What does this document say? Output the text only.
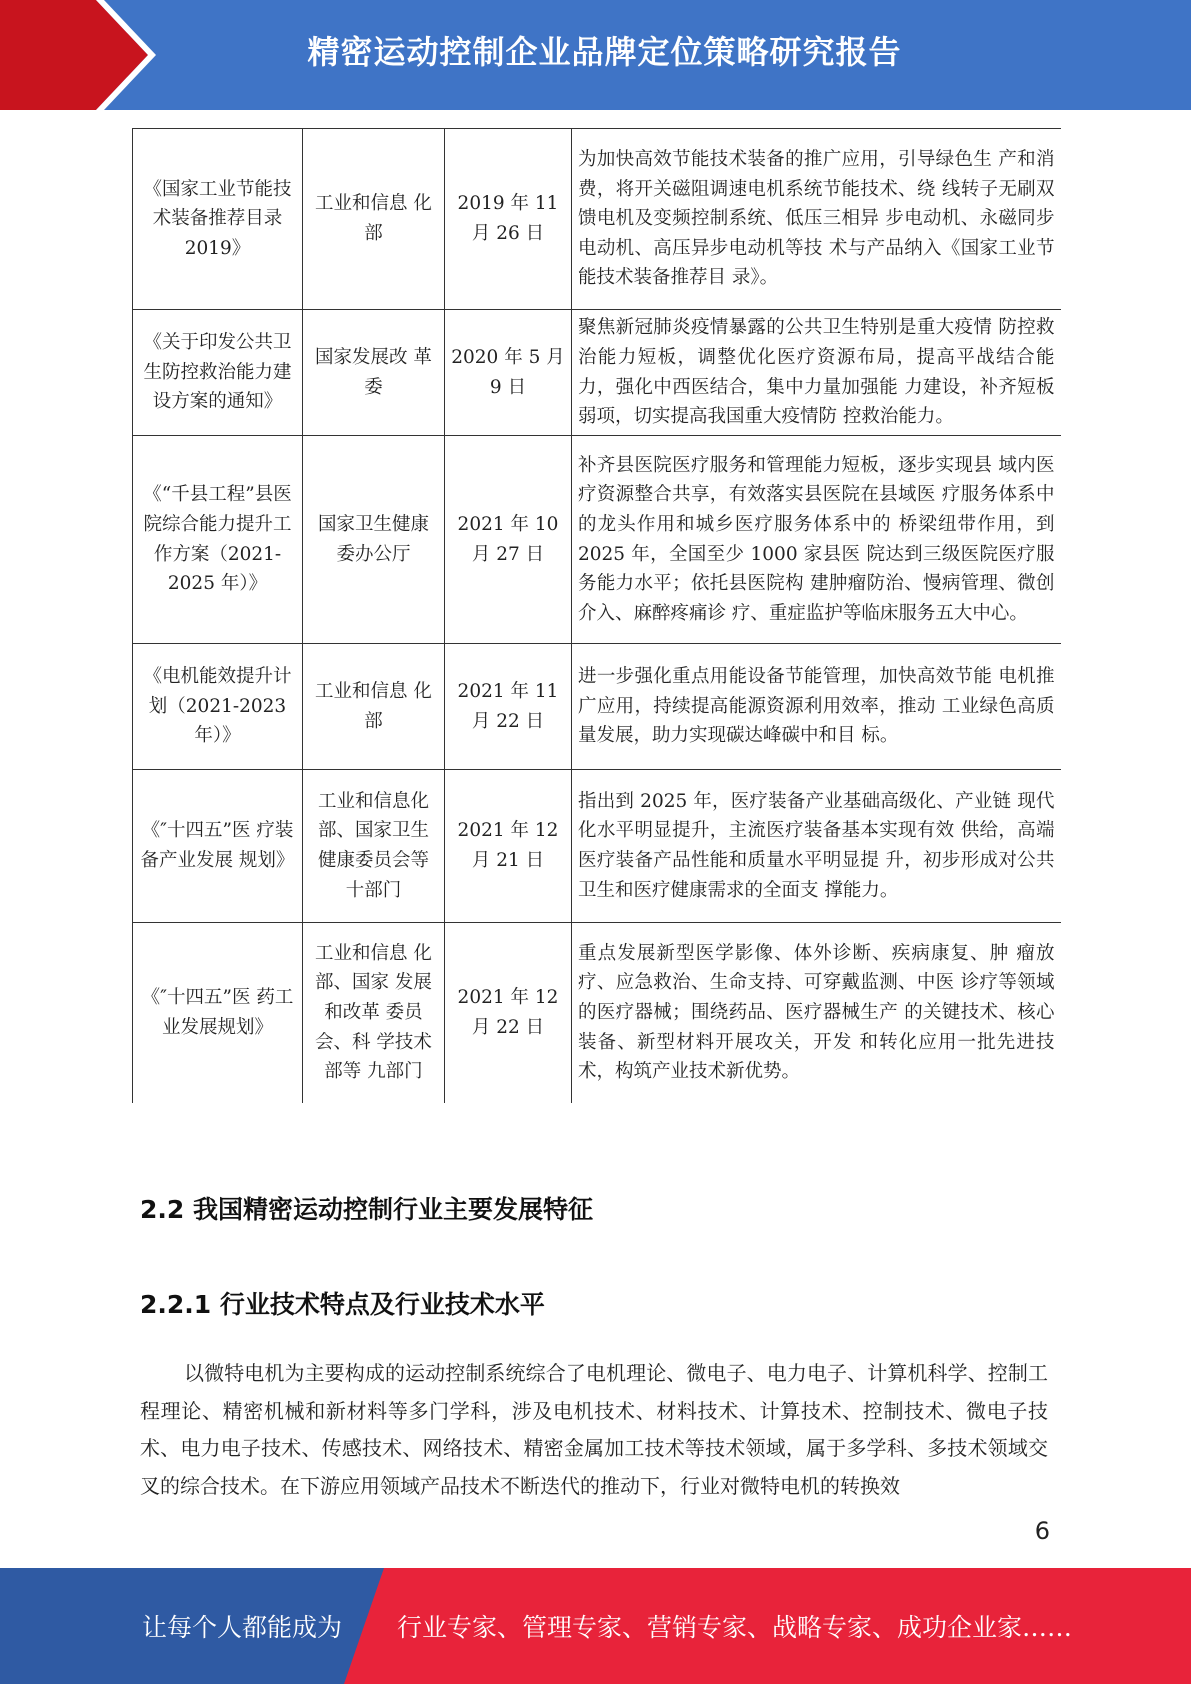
精密运动控制企业品牌定位策略研究报告
《国家工业节能技术装备推荐目录 2019》	工业和信息 化部	2019 年 11 月 26 日	为加快高效节能技术装备的推广应用，引导绿色生 产和消费，将开关磁阻调速电机系统节能技术、绕 线转子无刷双馈电机及变频控制系统、低压三相异 步电动机、永磁同步电动机、高压异步电动机等技 术与产品纳入《国家工业节能技术装备推荐目 录》。
《关于印发公共卫生防控救治能力建设方案的通知》	国家发展改 革委	2020 年 5 月 9 日	聚焦新冠肺炎疫情暴露的公共卫生特别是重大疫情 防控救治能力短板，调整优化医疗资源布局，提高平战结合能力，强化中西医结合，集中力量加强能 力建设，补齐短板弱项，切实提高我国重大疫情防 控救治能力。
《“千县工程”县医院综合能力提升工作方案（2021-2025 年）》	国家卫生健康委办公厅	2021 年 10 月 27 日	补齐县医院医疗服务和管理能力短板，逐步实现县 域内医疗资源整合共享，有效落实县医院在县域医 疗服务体系中的龙头作用和城乡医疗服务体系中的 桥梁纽带作用，到 2025 年，全国至少 1000 家县医 院达到三级医院医疗服务能力水平；依托县医院构 建肿瘤防治、慢病管理、微创介入、麻醉疼痛诊 疗、重症监护等临床服务五大中心。
《电机能效提升计划（2021-2023 年）》	工业和信息 化部	2021 年 11 月 22 日	进一步强化重点用能设备节能管理，加快高效节能 电机推广应用，持续提高能源资源利用效率，推动 工业绿色高质量发展，助力实现碳达峰碳中和目 标。
《″十四五”医 疗装备产业发展 规划》	工业和信息化部、国家卫生健康委员会等十部门	2021 年 12 月 21 日	指出到 2025 年，医疗装备产业基础高级化、产业链 现代化水平明显提升，主流医疗装备基本实现有效 供给，高端医疗装备产品性能和质量水平明显提 升，初步形成对公共卫生和医疗健康需求的全面支 撑能力。
《″十四五”医 药工业发展规划》	工业和信息 化部、国家 发展和改革 委员会、科 学技术部等 九部门	2021 年 12 月 22 日	重点发展新型医学影像、体外诊断、疾病康复、肿 瘤放疗、应急救治、生命支持、可穿戴监测、中医 诊疗等领域的医疗器械；围绕药品、医疗器械生产 的关键技术、核心装备、新型材料开展攻关，开发 和转化应用一批先进技术，构筑产业技术新优势。
2.2 我国精密运动控制行业主要发展特征
2.2.1 行业技术特点及行业技术水平

以微特电机为主要构成的运动控制系统综合了电机理论、微电子、电力电子、计算机科学、控制工程理论、精密机械和新材料等多门学科，涉及电机技术、材料技术、计算技术、控制技术、微电子技术、电力电子技术、传感技术、网络技术、精密金属加工技术等技术领域，属于多学科、多技术领域交叉的综合技术。在下游应用领域产品技术不断迭代的推动下，行业对微特电机的转换效

6
让每个人都能成为 行业专家、管理专家、营销专家、战略专家、成功企业家……
